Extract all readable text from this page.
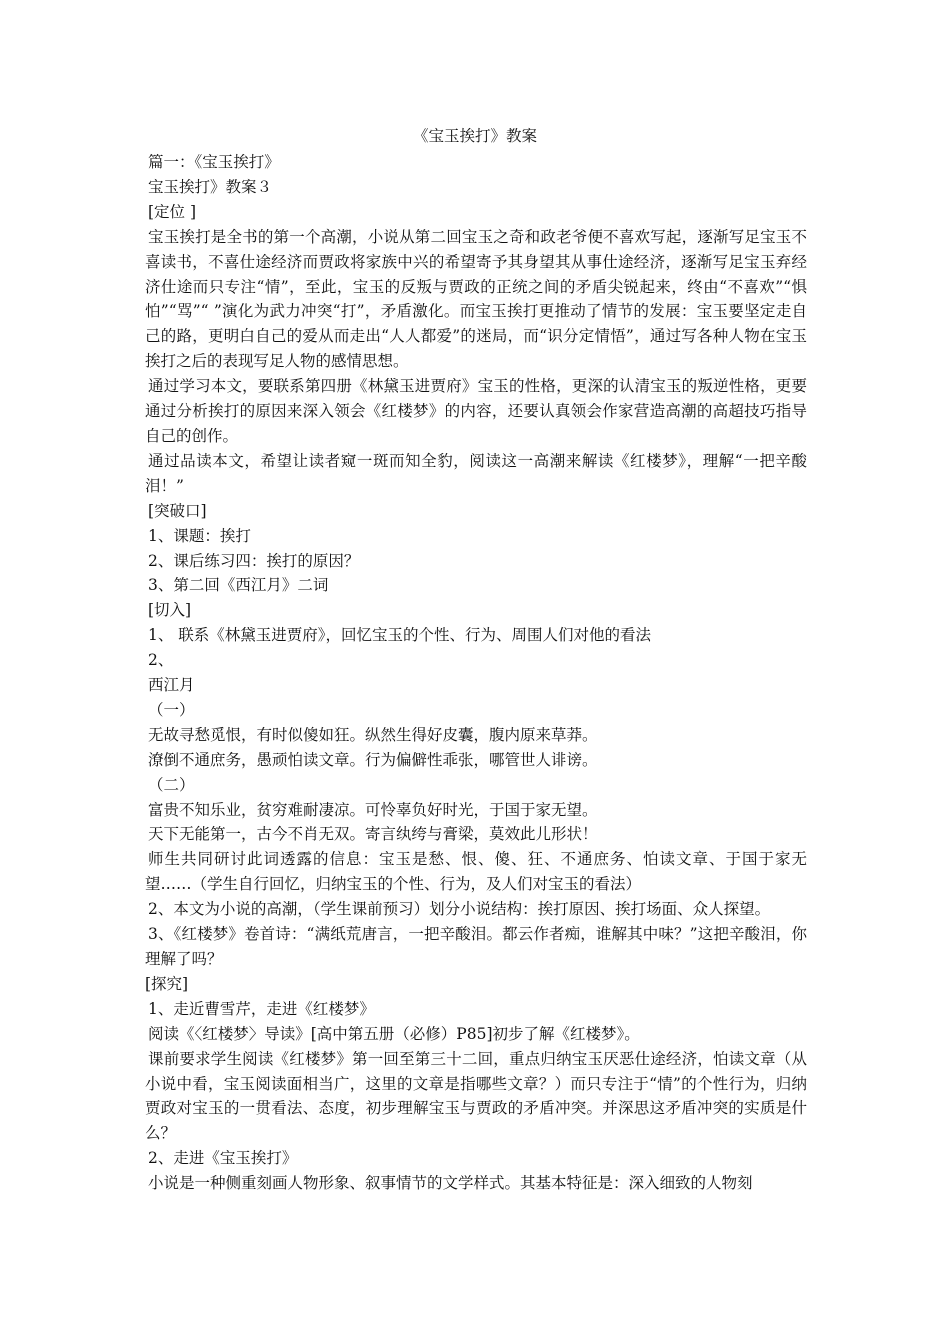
《宝玉挨打》教案

篇一：《宝玉挨打》

宝玉挨打》教案３

[定位 ]

宝玉挨打是全书的第一个高潮，小说从第二回宝玉之奇和政老爷便不喜欢写起，逐渐写足宝玉不喜读书，不喜仕途经济而贾政将家族中兴的希望寄予其身望其从事仕途经济，逐渐写足宝玉弃经济仕途而只专注“情”，至此，宝玉的反叛与贾政的正统之间的矛盾尖锐起来，终由“不喜欢”“惧怕”“骂”“ ”演化为武力冲突“打”，矛盾激化。而宝玉挨打更推动了情节的发展：宝玉要坚定走自己的路，更明白自己的爱从而走出“人人都爱”的迷局，而“识分定情悟”，通过写各种人物在宝玉挨打之后的表现写足人物的感情思想。

通过学习本文，要联系第四册《林黛玉进贾府》宝玉的性格，更深的认清宝玉的叛逆性格，更要通过分析挨打的原因来深入领会《红楼梦》的内容，还要认真领会作家营造高潮的高超技巧指导自己的创作。

通过品读本文，希望让读者窥一斑而知全豹，阅读这一高潮来解读《红楼梦》，理解“一把辛酸泪！”

[突破口]

1、课题：挨打

2、课后练习四：挨打的原因？

3、第二回《西江月》二词

[切入]

1、 联系《林黛玉进贾府》，回忆宝玉的个性、行为、周围人们对他的看法

2、

西江月

（一）

无故寻愁觅恨，有时似傻如狂。纵然生得好皮囊，腹内原来草莽。

潦倒不通庶务，愚顽怕读文章。行为偏僻性乖张，哪管世人诽谤。

（二）

富贵不知乐业，贫穷难耐凄凉。可怜辜负好时光，于国于家无望。

天下无能第一，古今不肖无双。寄言纨绔与膏梁，莫效此儿形状！

师生共同研讨此词透露的信息：宝玉是愁、恨、傻、狂、不通庶务、怕读文章、于国于家无望……（学生自行回忆，归纳宝玉的个性、行为，及人们对宝玉的看法）

2、本文为小说的高潮，（学生课前预习）划分小说结构：挨打原因、挨打场面、众人探望。

3、《红楼梦》卷首诗：“满纸荒唐言，一把辛酸泪。都云作者痴，谁解其中味？”这把辛酸泪，你理解了吗？

[探究]

1、走近曹雪芹，走进《红楼梦》

阅读《〈红楼梦〉导读》[高中第五册（必修）P85]初步了解《红楼梦》。

课前要求学生阅读《红楼梦》第一回至第三十二回，重点归纳宝玉厌恶仕途经济，怕读文章（从小说中看，宝玉阅读面相当广，这里的文章是指哪些文章？）而只专注于“情”的个性行为，归纳贾政对宝玉的一贯看法、态度，初步理解宝玉与贾政的矛盾冲突。并深思这矛盾冲突的实质是什么？

2、走进《宝玉挨打》

小说是一种侧重刻画人物形象、叙事情节的文学样式。其基本特征是：深入细致的人物刻
